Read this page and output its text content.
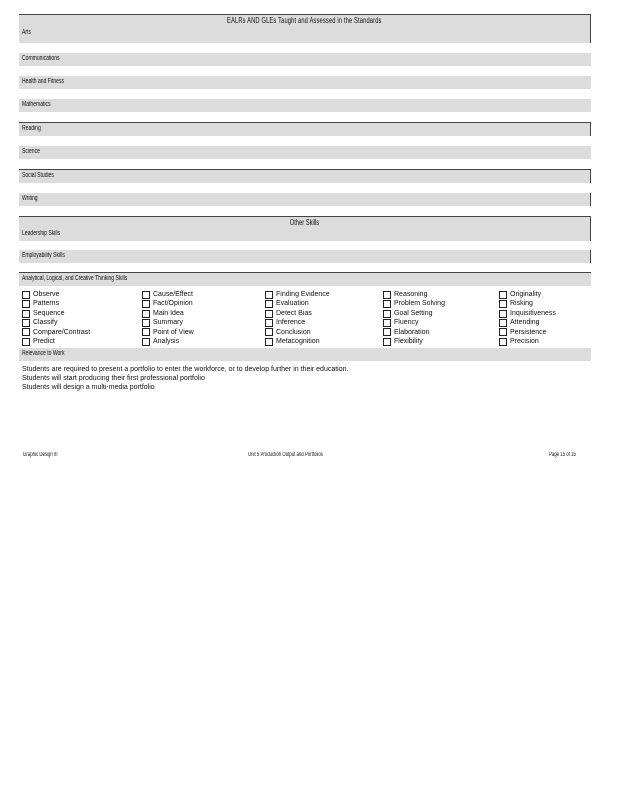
EALRs AND GLEs Taught and Assessed in the Standards
Arts
Communications
Health and Fitness
Mathematics
Reading
Science
Social Studies
Writing
Other Skills
Leadership Skills
Employability Skills
Analytical, Logical, and Creative Thinking Skills
Observe	Cause/Effect	Finding Evidence	Reasoning	Originality
Patterns	Fact/Opinion	Evaluation	Problem Solving	Risking
Sequence	Main Idea	Detect Bias	Goal Setting	Inquisitiveness
Classify	Summary	Inference	Fluency	Attending
Compare/Contrast	Point of View	Conclusion	Elaboration	Persistence
Predict	Analysis	Metacognition	Flexibility	Precision
Relevance to Work
Students are required to present a portfolio to enter the workforce, or to develop further in their education.
Students will start producing their first professional portfolio
Students will design a multi-media portfolio
Graphic Design III	Unit 5 Production Output and Portfolios	Page 15 of 15
